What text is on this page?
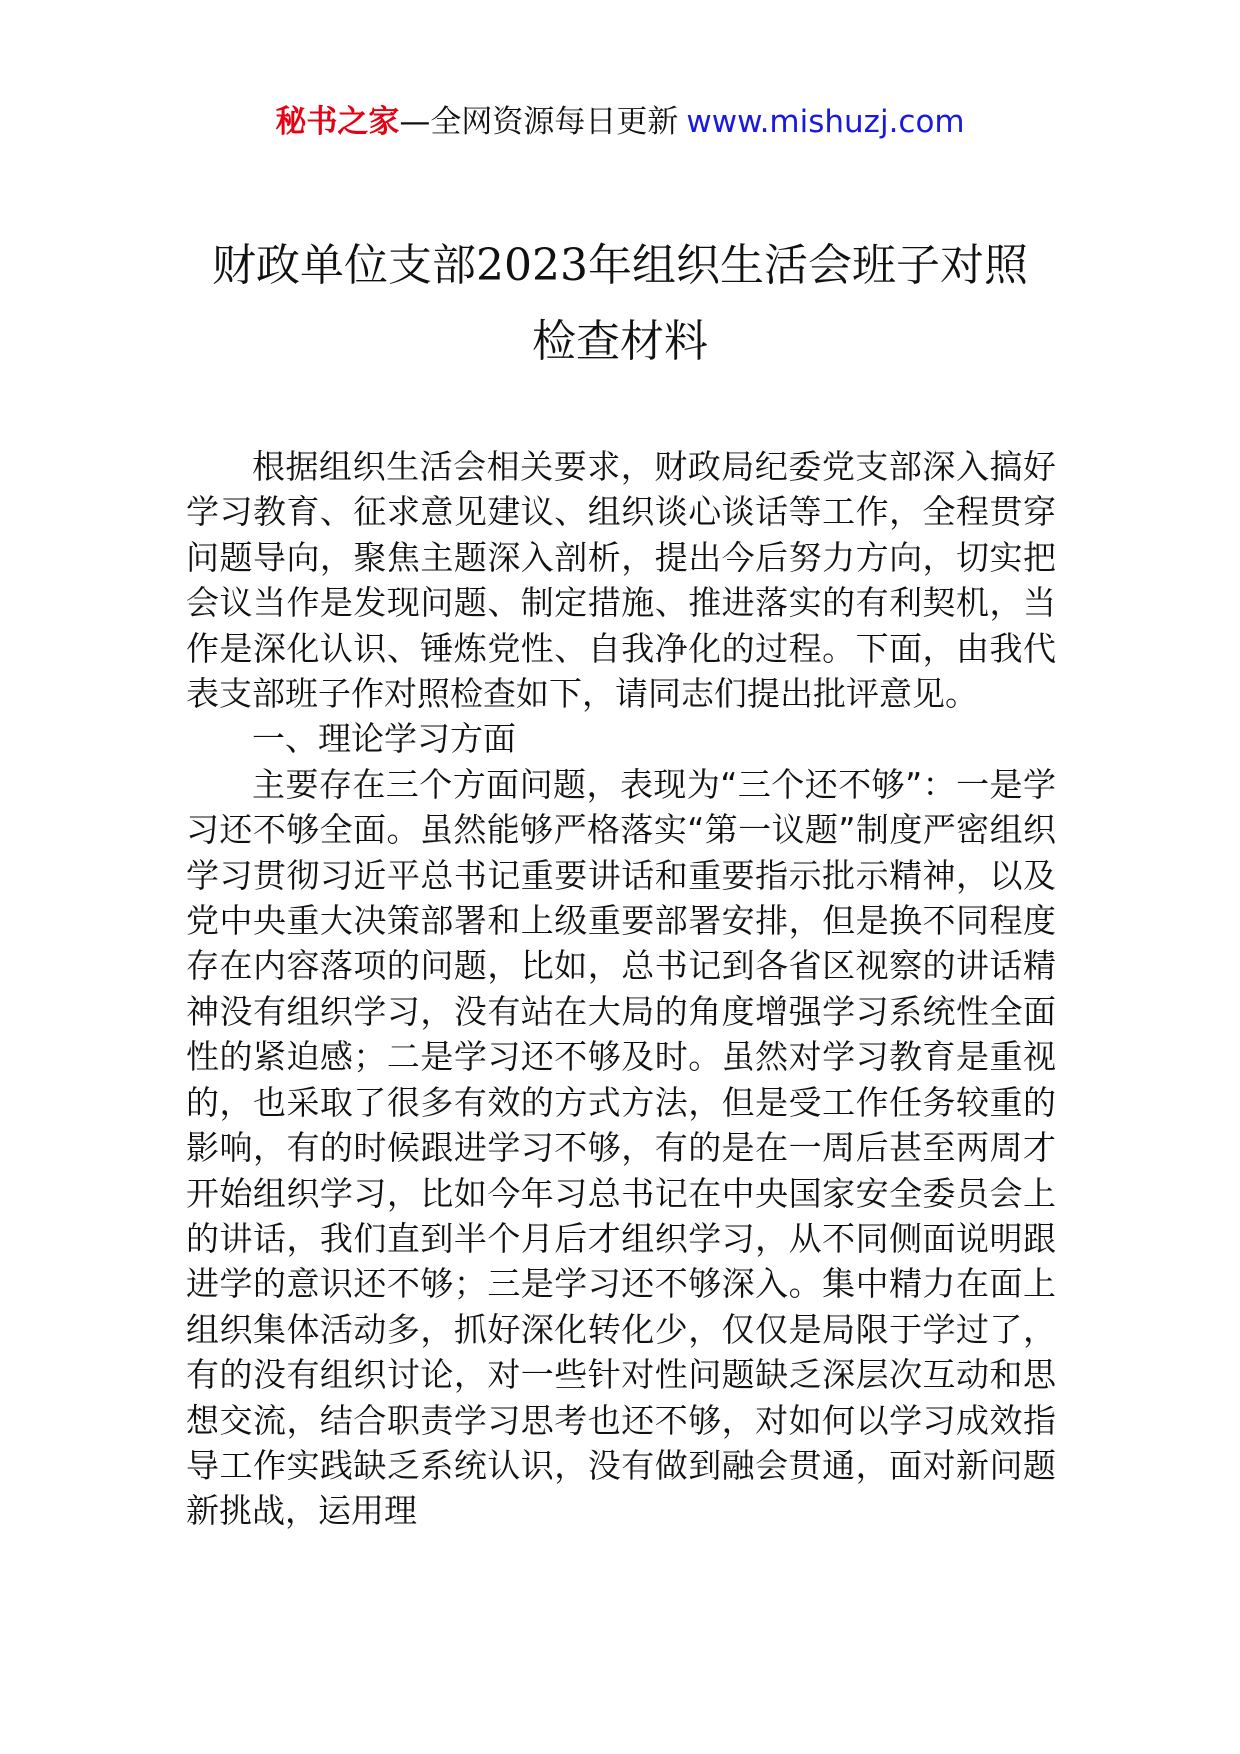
秘书之家—全网资源每日更新 www.mishuzj.com
财政单位支部2023年组织生活会班子对照
检查材料

根据组织生活会相关要求，财政局纪委党支部深入搞好学习教育、征求意见建议、组织谈心谈话等工作，全程贯穿问题导向，聚焦主题深入剖析，提出今后努力方向，切实把会议当作是发现问题、制定措施、推进落实的有利契机，当作是深化认识、锤炼党性、自我净化的过程。下面，由我代表支部班子作对照检查如下，请同志们提出批评意见。

一、理论学习方面

主要存在三个方面问题，表现为“三个还不够”：一是学习还不够全面。虽然能够严格落实“第一议题”制度严密组织学习贯彻习近平总书记重要讲话和重要指示批示精神，以及党中央重大决策部署和上级重要部署安排，但是换不同程度存在内容落项的问题，比如，总书记到各省区视察的讲话精神没有组织学习，没有站在大局的角度增强学习系统性全面性的紧迫感；二是学习还不够及时。虽然对学习教育是重视的，也采取了很多有效的方式方法，但是受工作任务较重的影响，有的时候跟进学习不够，有的是在一周后甚至两周才开始组织学习，比如今年习总书记在中央国家安全委员会上的讲话，我们直到半个月后才组织学习，从不同侧面说明跟进学的意识还不够；三是学习还不够深入。集中精力在面上组织集体活动多，抓好深化转化少，仅仅是局限于学过了，有的没有组织讨论，对一些针对性问题缺乏深层次互动和思想交流，结合职责学习思考也还不够，对如何以学习成效指导工作实践缺乏系统认识，没有做到融会贯通，面对新问题新挑战，运用理
